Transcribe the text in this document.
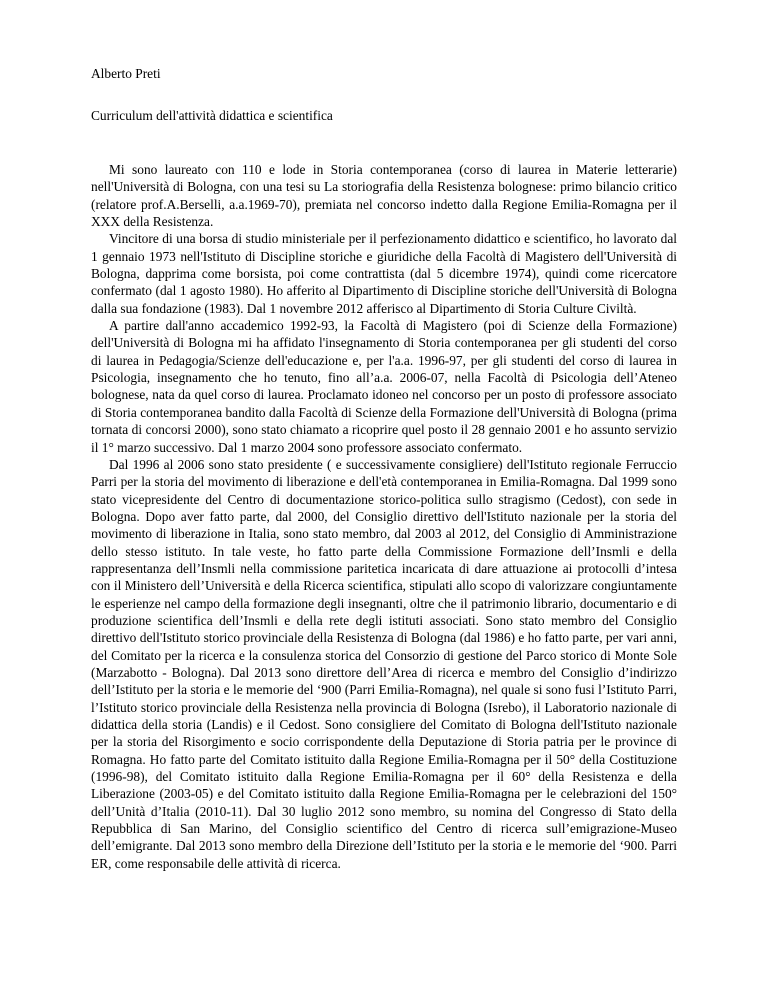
Alberto Preti

Curriculum dell'attività didattica e scientifica

Mi sono laureato con 110 e lode in Storia contemporanea (corso di laurea in Materie letterarie) nell'Università di Bologna, con una tesi su La storiografia della Resistenza bolognese: primo bilancio critico (relatore prof.A.Berselli, a.a.1969-70), premiata nel concorso indetto dalla Regione Emilia-Romagna per il XXX della Resistenza.

Vincitore di una borsa di studio ministeriale per il perfezionamento didattico e scientifico, ho lavorato dal 1 gennaio 1973 nell'Istituto di Discipline storiche e giuridiche della Facoltà di Magistero dell'Università di Bologna, dapprima come borsista, poi come contrattista (dal 5 dicembre 1974), quindi come ricercatore confermato (dal 1 agosto 1980). Ho afferito al Dipartimento di Discipline storiche dell'Università di Bologna dalla sua fondazione (1983). Dal 1 novembre 2012 afferisco al Dipartimento di Storia Culture Civiltà.

A partire dall'anno accademico 1992-93, la Facoltà di Magistero (poi di Scienze della Formazione) dell'Università di Bologna mi ha affidato l'insegnamento di Storia contemporanea per gli studenti del corso di laurea in Pedagogia/Scienze dell'educazione e, per l'a.a. 1996-97, per gli studenti del corso di laurea in Psicologia, insegnamento che ho tenuto, fino all’a.a. 2006-07, nella Facoltà di Psicologia dell’Ateneo bolognese, nata da quel corso di laurea. Proclamato idoneo nel concorso per un posto di professore associato di Storia contemporanea bandito dalla Facoltà di Scienze della Formazione dell'Università di Bologna (prima tornata di concorsi 2000), sono stato chiamato a ricoprire quel posto il 28 gennaio 2001 e ho assunto servizio il 1° marzo successivo. Dal 1 marzo 2004 sono professore associato confermato.

Dal 1996 al 2006 sono stato presidente ( e successivamente consigliere) dell'Istituto regionale Ferruccio Parri per la storia del movimento di liberazione e dell'età contemporanea in Emilia-Romagna. Dal 1999 sono stato vicepresidente del Centro di documentazione storico-politica sullo stragismo (Cedost), con sede in Bologna. Dopo aver fatto parte, dal 2000, del Consiglio direttivo dell'Istituto nazionale per la storia del movimento di liberazione in Italia, sono stato membro, dal 2003 al 2012, del Consiglio di Amministrazione dello stesso istituto. In tale veste, ho fatto parte della Commissione Formazione dell’Insmli e della rappresentanza dell’Insmli nella commissione paritetica incaricata di dare attuazione ai protocolli d’intesa con il Ministero dell’Università e della Ricerca scientifica, stipulati allo scopo di valorizzare congiuntamente le esperienze nel campo della formazione degli insegnanti, oltre che il patrimonio librario, documentario e di produzione scientifica dell’Insmli e della rete degli istituti associati. Sono stato membro del Consiglio direttivo dell'Istituto storico provinciale della Resistenza di Bologna (dal 1986) e ho fatto parte, per vari anni, del Comitato per la ricerca e la consulenza storica del Consorzio di gestione del Parco storico di Monte Sole (Marzabotto - Bologna). Dal 2013 sono direttore dell’Area di ricerca e membro del Consiglio d’indirizzo dell’Istituto per la storia e le memorie del ‘900 (Parri Emilia-Romagna), nel quale si sono fusi l’Istituto Parri, l’Istituto storico provinciale della Resistenza nella provincia di Bologna (Isrebo), il Laboratorio nazionale di didattica della storia (Landis) e il Cedost. Sono consigliere del Comitato di Bologna dell'Istituto nazionale per la storia del Risorgimento e socio corrispondente della Deputazione di Storia patria per le province di Romagna. Ho fatto parte del Comitato istituito dalla Regione Emilia-Romagna per il 50° della Costituzione (1996-98), del Comitato istituito dalla Regione Emilia-Romagna per il 60° della Resistenza e della Liberazione (2003-05) e del Comitato istituito dalla Regione Emilia-Romagna per le celebrazioni del 150° dell’Unità d’Italia (2010-11). Dal 30 luglio 2012 sono membro, su nomina del Congresso di Stato della Repubblica di San Marino, del Consiglio scientifico del Centro di ricerca sull’emigrazione-Museo dell’emigrante. Dal 2013 sono membro della Direzione dell’Istituto per la storia e le memorie del ‘900. Parri ER, come responsabile delle attività di ricerca.
